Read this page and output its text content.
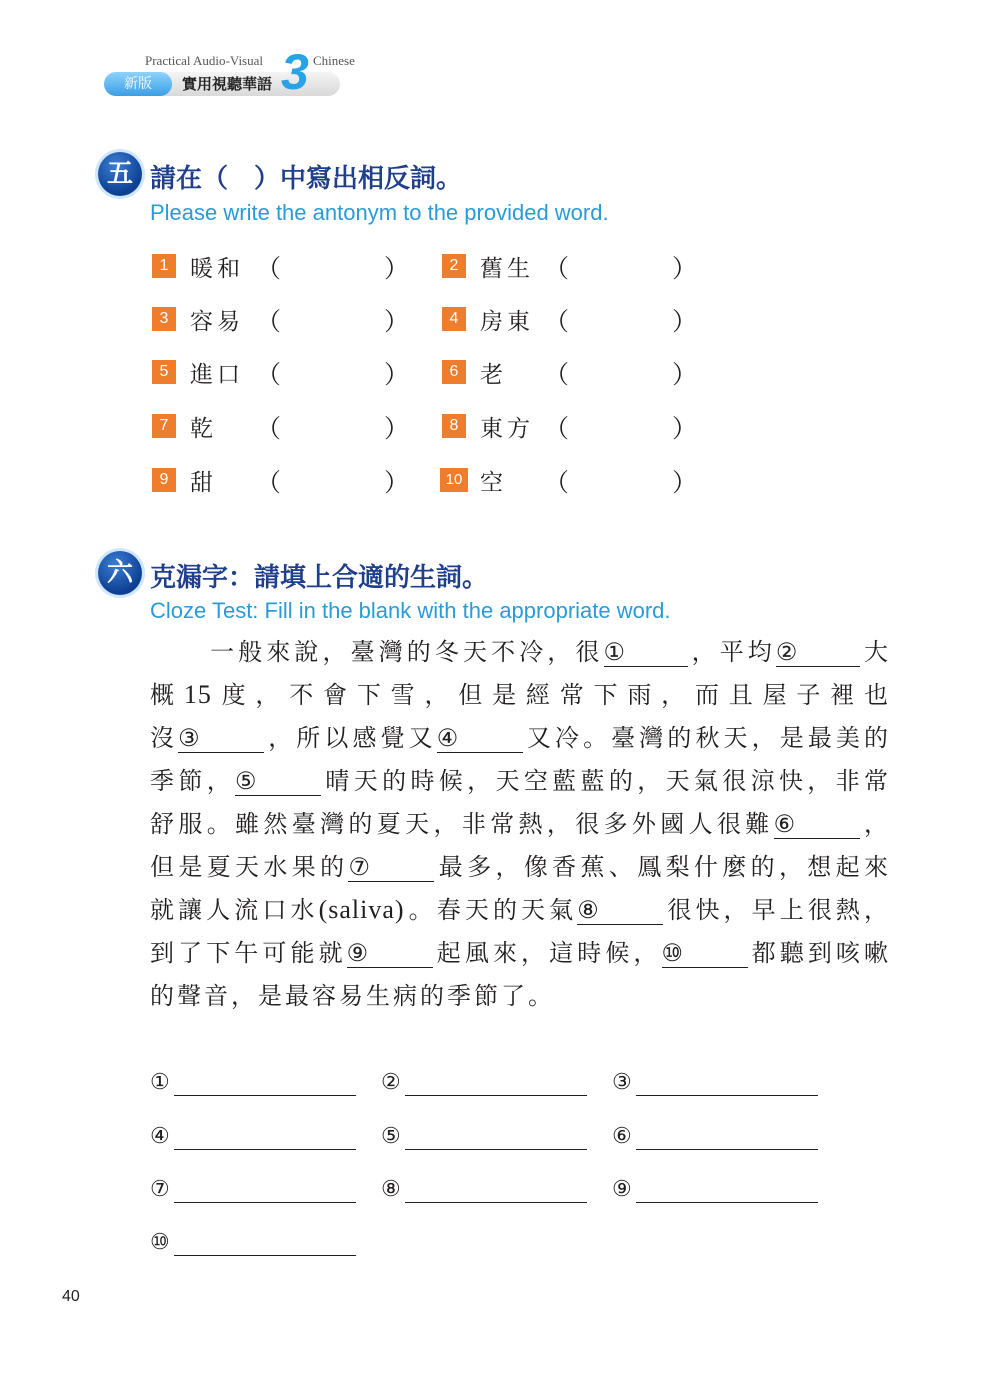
Practical Audio-Visual	Chinese
新版	實用視聽華語 3
五 請在（　）中寫出相反詞。
Please write the antonym to the provided word.
1 暖和 （	）	2 舊生 （	）
3 容易 （	）	4 房東 （	）
5 進口 （	）	6 老 （	）
7 乾 （	）	8 東方 （	）
9 甜 （	）	10 空 （	）
六 克漏字：請填上合適的生詞。
Cloze Test: Fill in the blank with the appropriate word.
一般來說，臺灣的冬天不冷，很①	，平均②	大
概15度，不會下雪，但是經常下雨，而且屋子裡也
沒③	，所以感覺又④	又冷。臺灣的秋天，是最美的
季節，⑤	晴天的時候，天空藍藍的，天氣很涼快，非常
舒服。雖然臺灣的夏天，非常熱，很多外國人很難⑥	，
但是夏天水果的⑦	最多，像香蕉、鳳梨什麼的，想起來
就讓人流口水(saliva)。春天的天氣⑧	很快，早上很熱，
到了下午可能就⑨	起風來，這時候，⑩	都聽到咳嗽
的聲音，是最容易生病的季節了。
①	②	③
④	⑤	⑥
⑦	⑧	⑨
⑩
40
